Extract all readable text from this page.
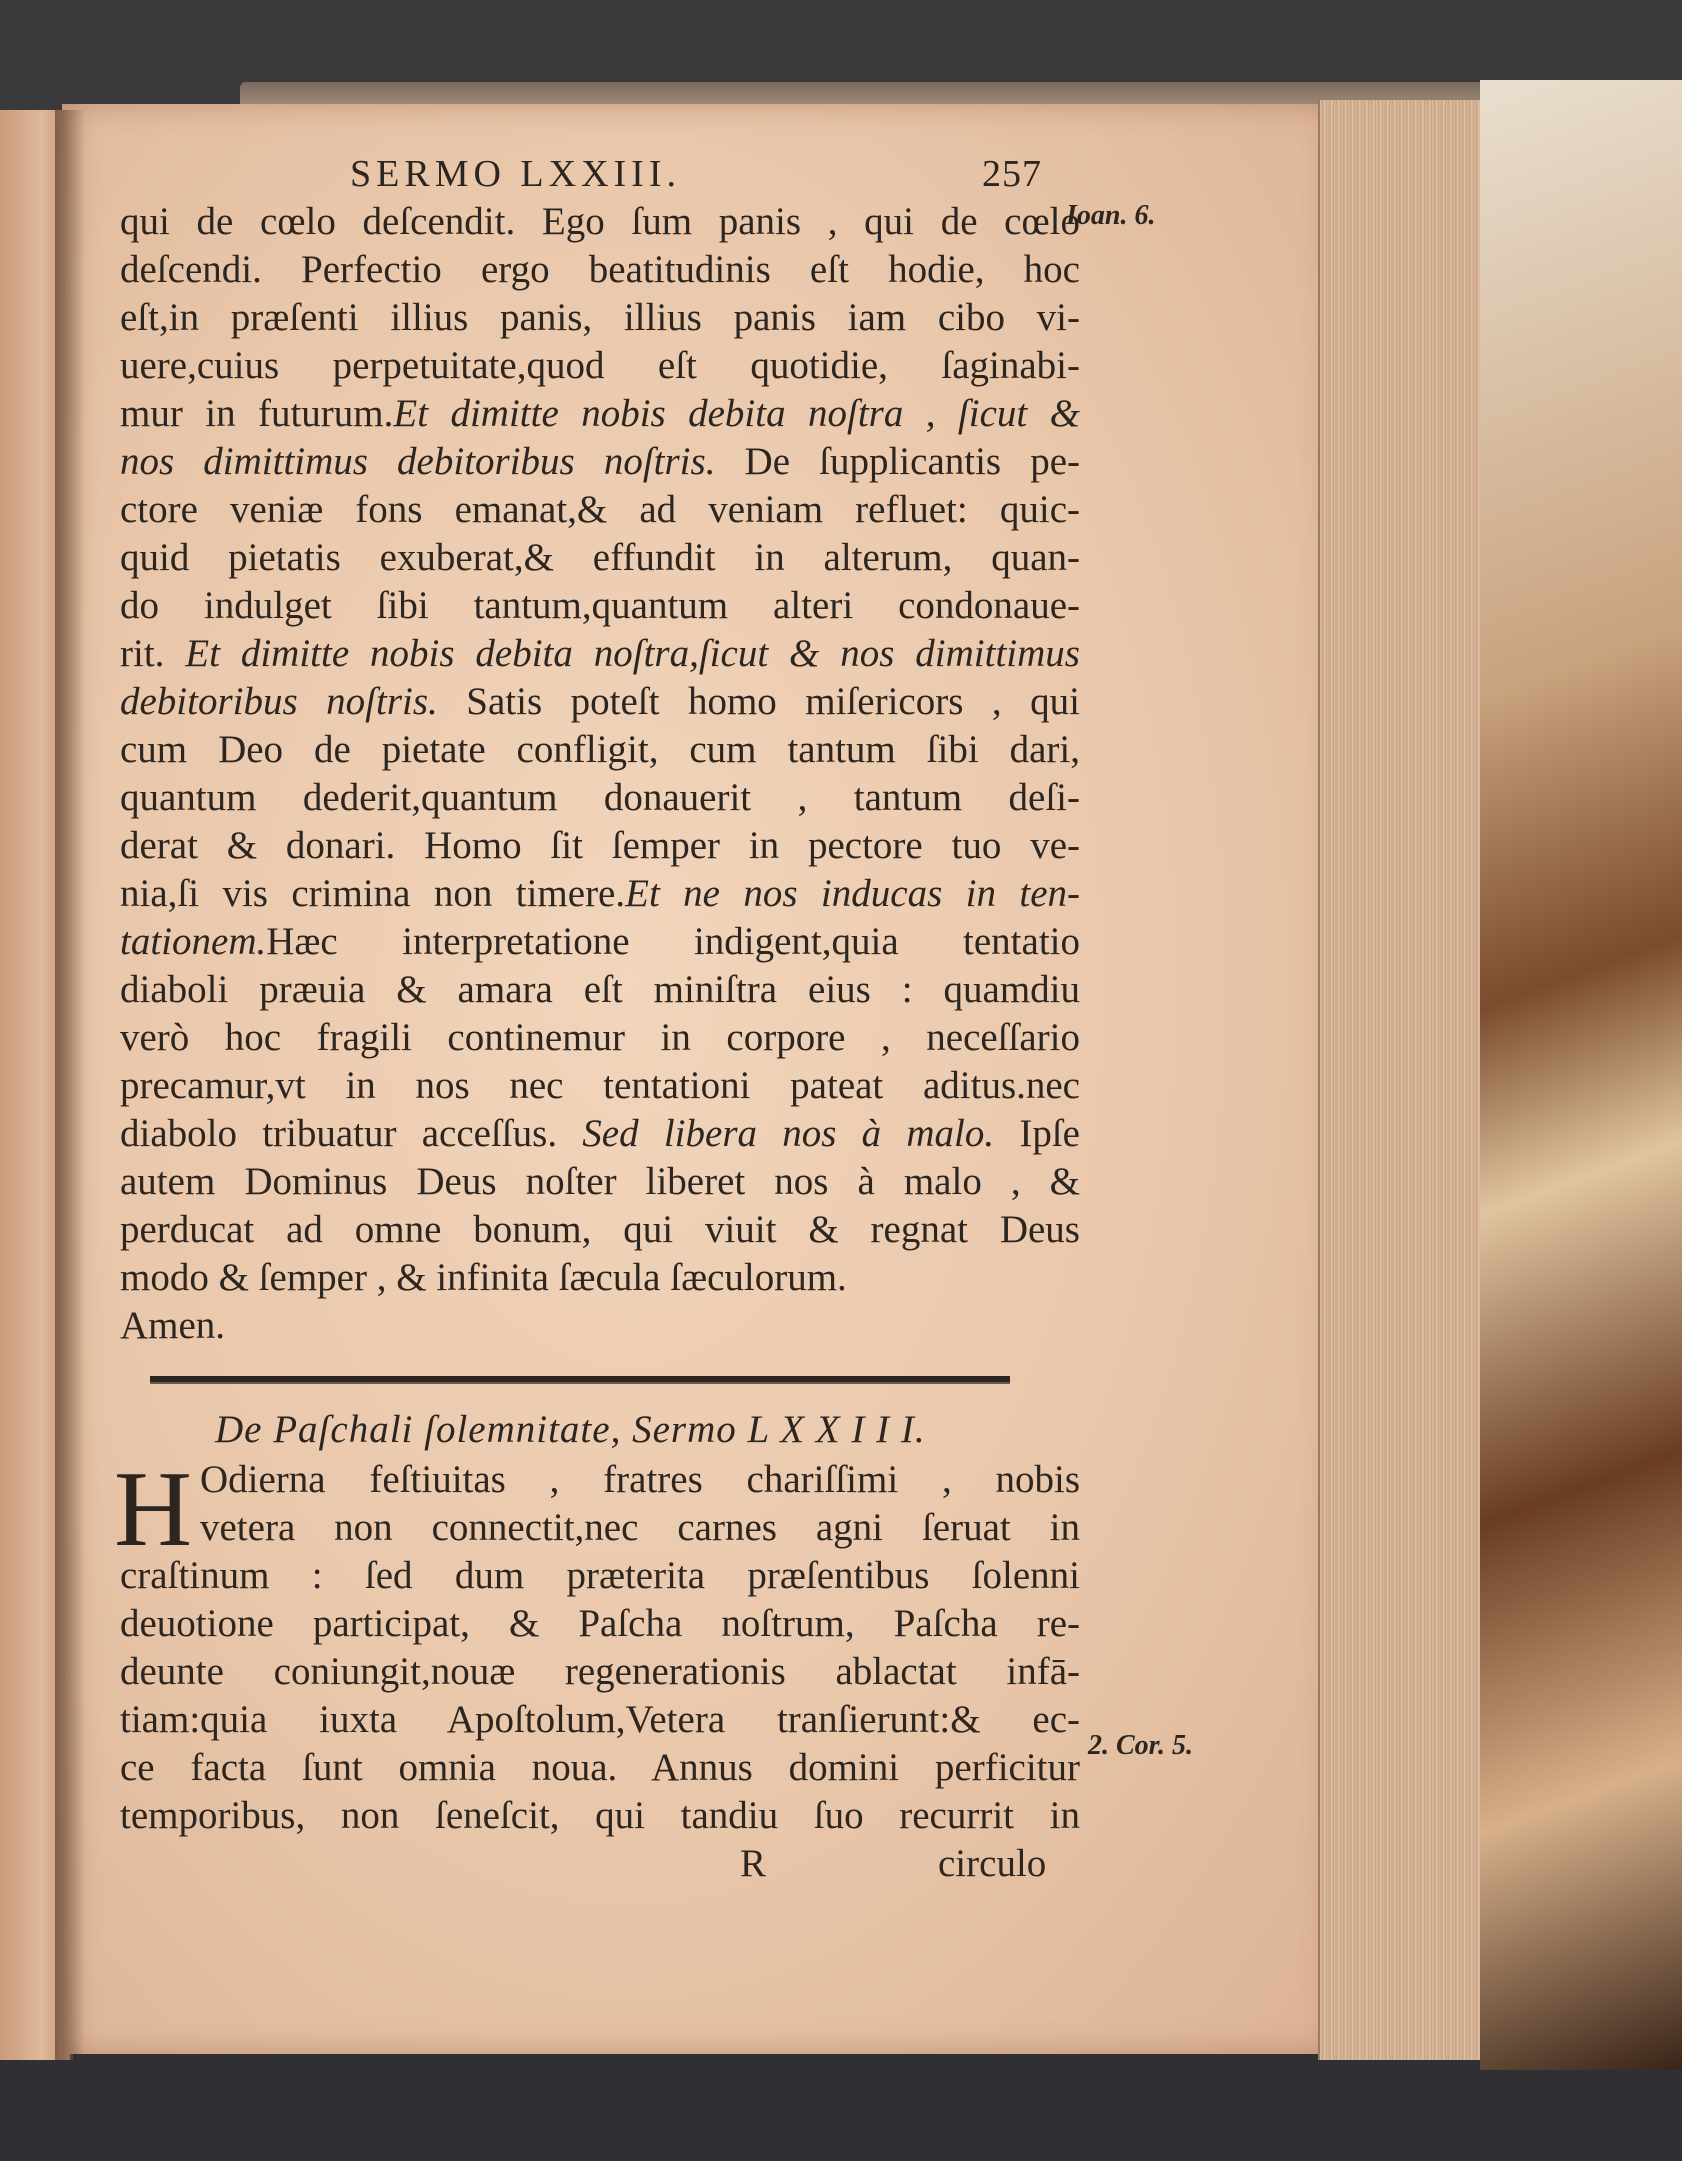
Ioan. 6.
2. Cor. 5.
SERMO LXXIII.	257
qui de cœlo deſcendit. Ego ſum panis , qui de cœlo
deſcendi. Perfectio ergo beatitudinis eſt hodie, hoc
eſt,in præſenti illius panis, illius panis iam cibo vi-
uere,cuius perpetuitate,quod eſt quotidie, ſaginabi-
mur in futurum.Et dimitte nobis debita noſtra , ſicut &
nos dimittimus debitoribus noſtris. De ſupplicantis pe-
ctore veniæ fons emanat,& ad veniam refluet: quic-
quid pietatis exuberat,& effundit in alterum, quan-
do indulget ſibi tantum,quantum alteri condonaue-
rit. Et dimitte nobis debita noſtra,ſicut & nos dimittimus
debitoribus noſtris. Satis poteſt homo miſericors , qui
cum Deo de pietate confligit, cum tantum ſibi dari,
quantum dederit,quantum donauerit , tantum deſi-
derat & donari. Homo ſit ſemper in pectore tuo ve-
nia,ſi vis crimina non timere.Et ne nos inducas in ten-
tationem.Hæc interpretatione indigent,quia tentatio
diaboli præuia & amara eſt miniſtra eius : quamdiu
verò hoc fragili continemur in corpore , neceſſario
precamur,vt in nos nec tentationi pateat aditus.nec
diabolo tribuatur acceſſus. Sed libera nos à malo. Ipſe
autem Dominus Deus noſter liberet nos à malo , &
perducat ad omne bonum, qui viuit & regnat Deus
modo & ſemper , & infinita ſæcula ſæculorum.
Amen.
De Paſchali ſolemnitate, Sermo L X X I I I.
H Odierna feſtiuitas , fratres chariſſimi , nobis
vetera non connectit,nec carnes agni ſeruat in
craſtinum : ſed dum præterita præſentibus ſolenni
deuotione participat, & Paſcha noſtrum, Paſcha re-
deunte coniungit,nouæ regenerationis ablactat infā-
tiam:quia iuxta Apoſtolum,Vetera tranſierunt:& ec-
ce facta ſunt omnia noua. Annus domini perficitur
temporibus, non ſeneſcit, qui tandiu ſuo recurrit in
R	circulo
